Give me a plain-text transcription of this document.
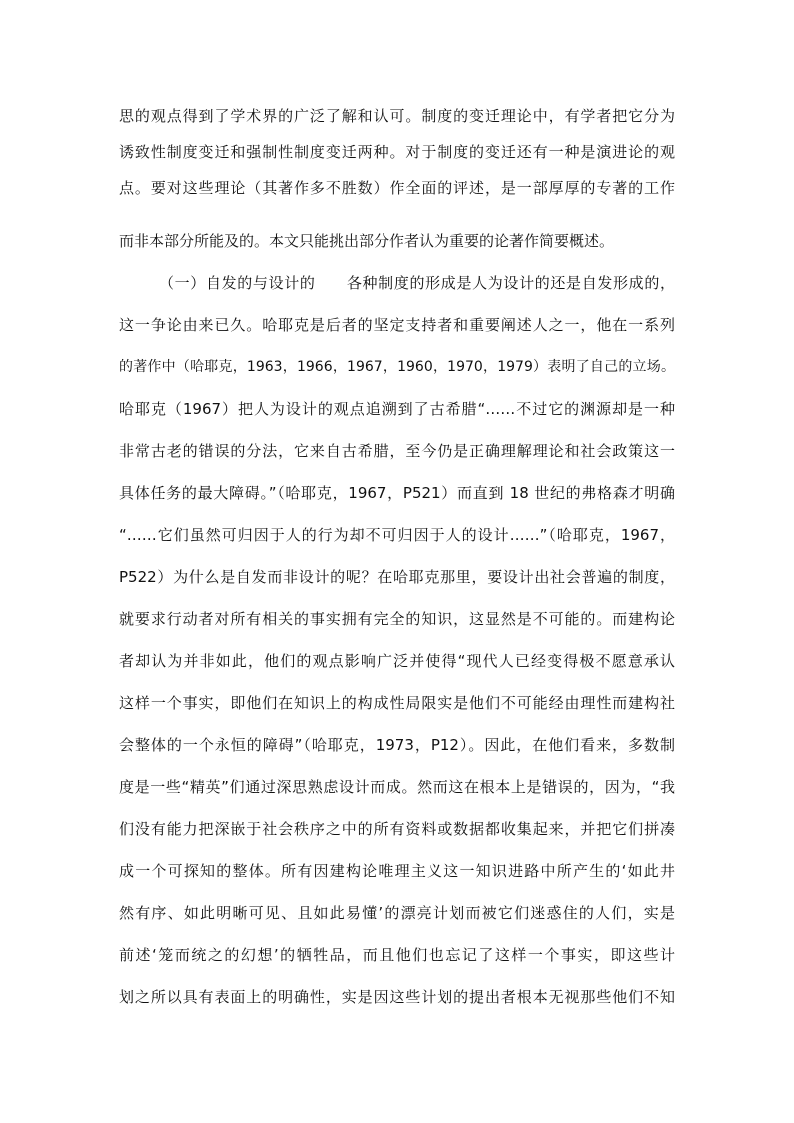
思的观点得到了学术界的广泛了解和认可。制度的变迁理论中，有学者把它分为
诱致性制度变迁和强制性制度变迁两种。对于制度的变迁还有一种是演进论的观
点。要对这些理论（其著作多不胜数）作全面的评述，是一部厚厚的专著的工作
而非本部分所能及的。本文只能挑出部分作者认为重要的论著作简要概述。
（一）自发的与设计的　　各种制度的形成是人为设计的还是自发形成的，
这一争论由来已久。哈耶克是后者的坚定支持者和重要阐述人之一，他在一系列
的著作中（哈耶克，1963，1966，1967，1960，1970，1979）表明了自己的立场。
哈耶克（1967）把人为设计的观点追溯到了古希腊“……不过它的渊源却是一种
非常古老的错误的分法，它来自古希腊，至今仍是正确理解理论和社会政策这一
具体任务的最大障碍。”（哈耶克，1967，P521）而直到 18 世纪的弗格森才明确
“……它们虽然可归因于人的行为却不可归因于人的设计……”（哈耶克，1967，
P522）为什么是自发而非设计的呢？在哈耶克那里，要设计出社会普遍的制度，
就要求行动者对所有相关的事实拥有完全的知识，这显然是不可能的。而建构论
者却认为并非如此，他们的观点影响广泛并使得“现代人已经变得极不愿意承认
这样一个事实，即他们在知识上的构成性局限实是他们不可能经由理性而建构社
会整体的一个永恒的障碍”（哈耶克，1973，P12）。因此，在他们看来，多数制
度是一些“精英”们通过深思熟虑设计而成。然而这在根本上是错误的，因为，“我
们没有能力把深嵌于社会秩序之中的所有资料或数据都收集起来，并把它们拼凑
成一个可探知的整体。所有因建构论唯理主义这一知识进路中所产生的‘如此井
然有序、如此明晰可见、且如此易懂’的漂亮计划而被它们迷惑住的人们，实是
前述‘笼而统之的幻想’的牺牲品，而且他们也忘记了这样一个事实，即这些计
划之所以具有表面上的明确性，实是因这些计划的提出者根本无视那些他们不知
